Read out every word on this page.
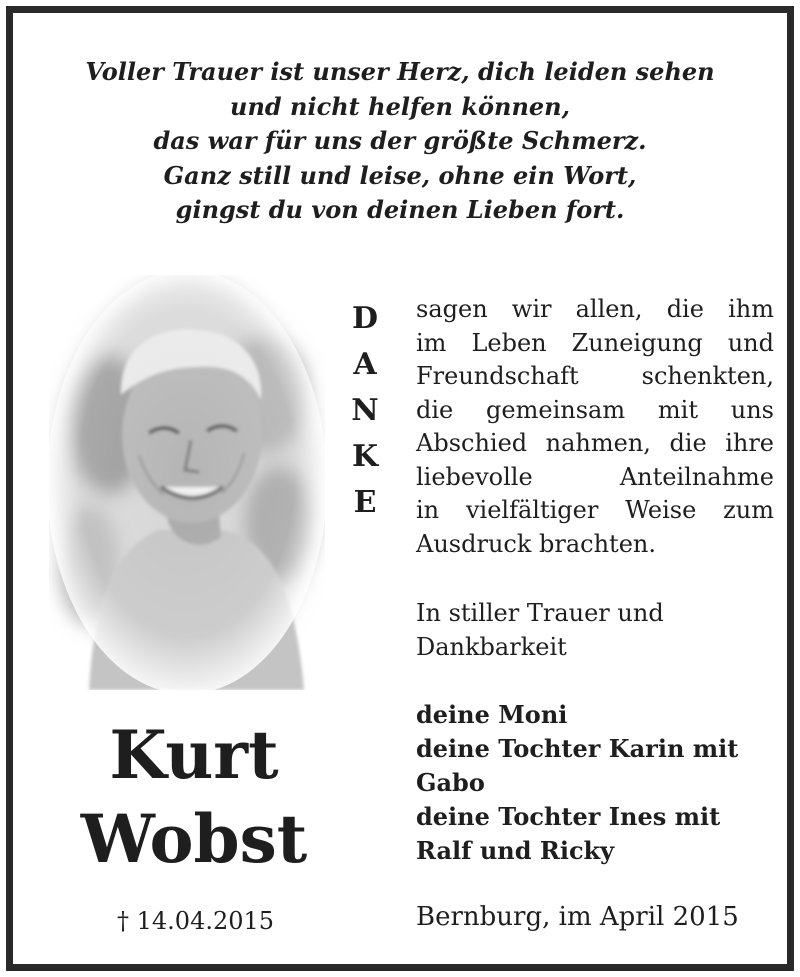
Voller Trauer ist unser Herz, dich leiden sehen
und nicht helfen können,
das war für uns der größte Schmerz.
Ganz still und leise, ohne ein Wort,
gingst du von deinen Lieben fort.
D
A
N
K
E
sagen wir allen, die ihm
im Leben Zuneigung und
Freundschaft	schenkten,
die gemeinsam mit uns
Abschied nahmen, die ihre
liebevolle	Anteilnahme
in vielfältiger Weise zum
Ausdruck brachten.
In stiller Trauer und
Dankbarkeit
deine Moni
deine Tochter Karin mit
Gabo
deine Tochter Ines mit
Ralf und Ricky
Kurt
Wobst
† 14.04.2015	Bernburg, im April 2015
